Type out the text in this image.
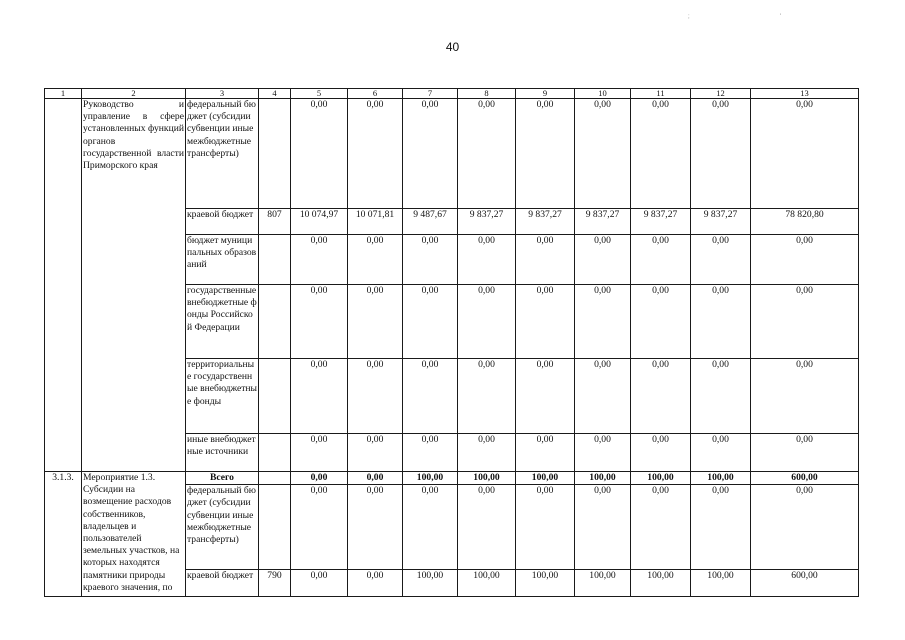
;	'
40
1	2	3	4	5	6	7	8	9	10	11	12	13
	Руководство и управление в сфере установленных функций органов государственной власти Приморского края	федеральный бюджет (субсидии субвенции иные межбюджетные трансферты)		0,00	0,00	0,00	0,00	0,00	0,00	0,00	0,00	0,00
		краевой бюджет	807	10 074,97	10 071,81	9 487,67	9 837,27	9 837,27	9 837,27	9 837,27	9 837,27	78 820,80
		бюджет муниципальных образований		0,00	0,00	0,00	0,00	0,00	0,00	0,00	0,00	0,00
		государственные внебюджетные фонды Российской Федерации		0,00	0,00	0,00	0,00	0,00	0,00	0,00	0,00	0,00
		территориальные государственные внебюджетные фонды		0,00	0,00	0,00	0,00	0,00	0,00	0,00	0,00	0,00
		иные внебюджетные источники		0,00	0,00	0,00	0,00	0,00	0,00	0,00	0,00	0,00
3.1.3.	Мероприятие 1.3. Субсидии на возмещение расходов собственников, владельцев и пользователей земельных участков, на которых находятся памятники природы краевого значения, по	Всего		0,00	0,00	100,00	100,00	100,00	100,00	100,00	100,00	600,00
		федеральный бюджет (субсидии субвенции иные межбюджетные трансферты)		0,00	0,00	0,00	0,00	0,00	0,00	0,00	0,00	0,00
		краевой бюджет	790	0,00	0,00	100,00	100,00	100,00	100,00	100,00	100,00	600,00
